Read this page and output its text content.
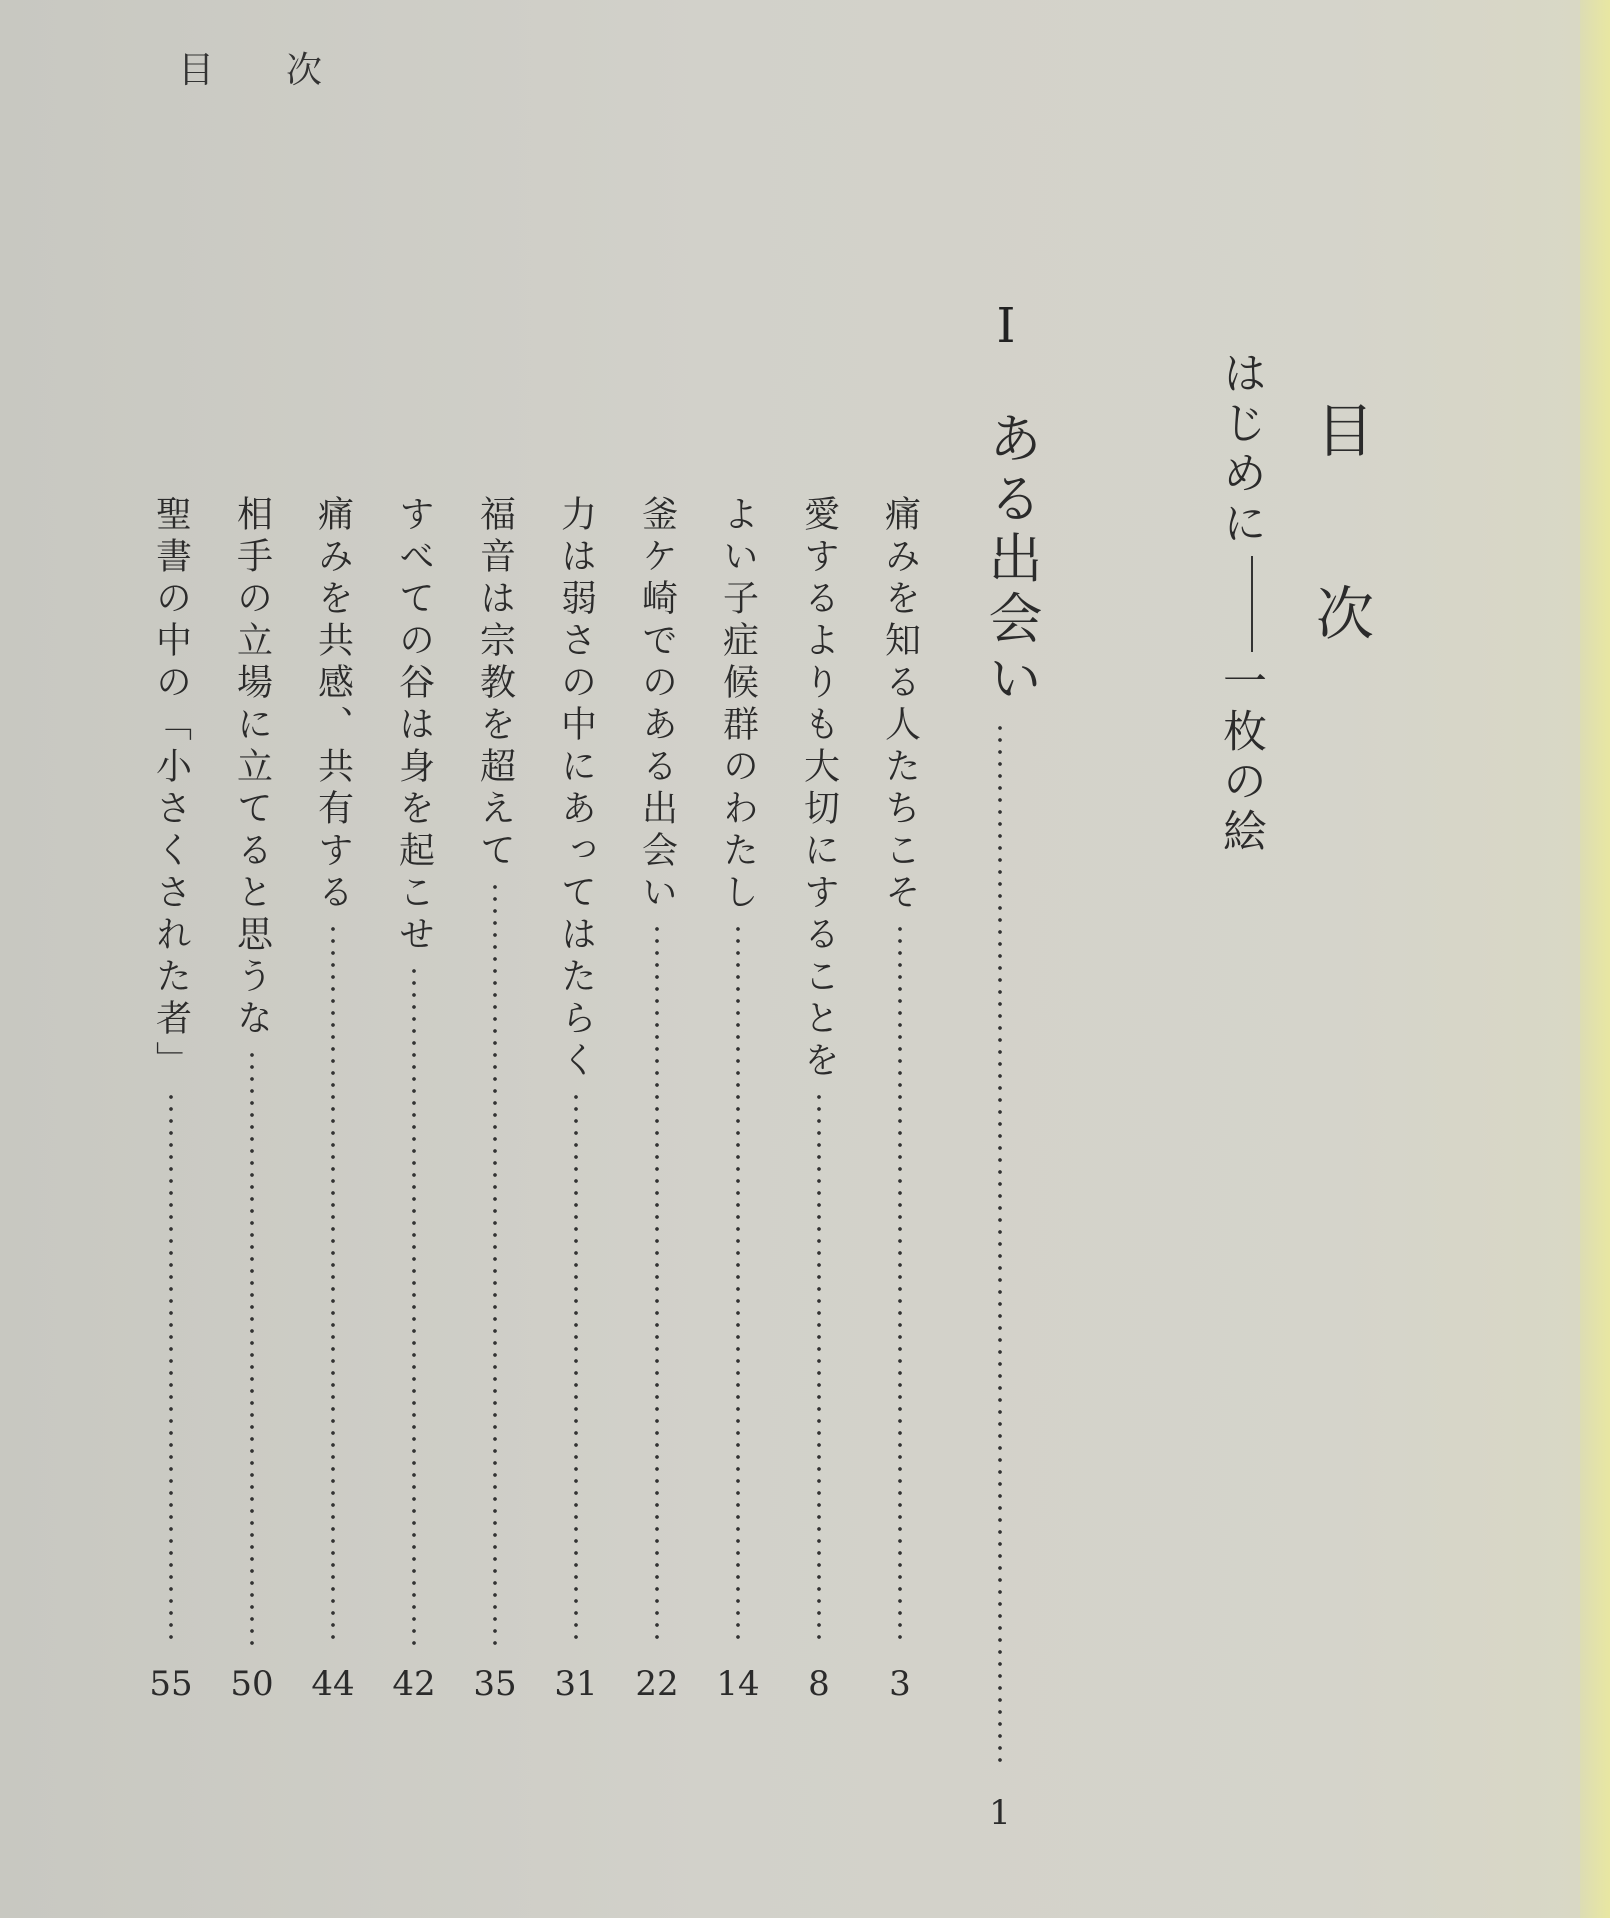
目 次
目次
はじめに一枚の絵
I
ある出会い
1
痛みを知る人たちこそ
愛するよりも大切にすることを
よい子症候群のわたし
釜ケ崎でのある出会い
力は弱さの中にあってはたらく
福音は宗教を超えて
すべての谷は身を起こせ
痛みを共感、共有する
相手の立場に立てると思うな
聖書の中の「小さくされた者」
3
8
14
22
31
35
42
44
50
55
